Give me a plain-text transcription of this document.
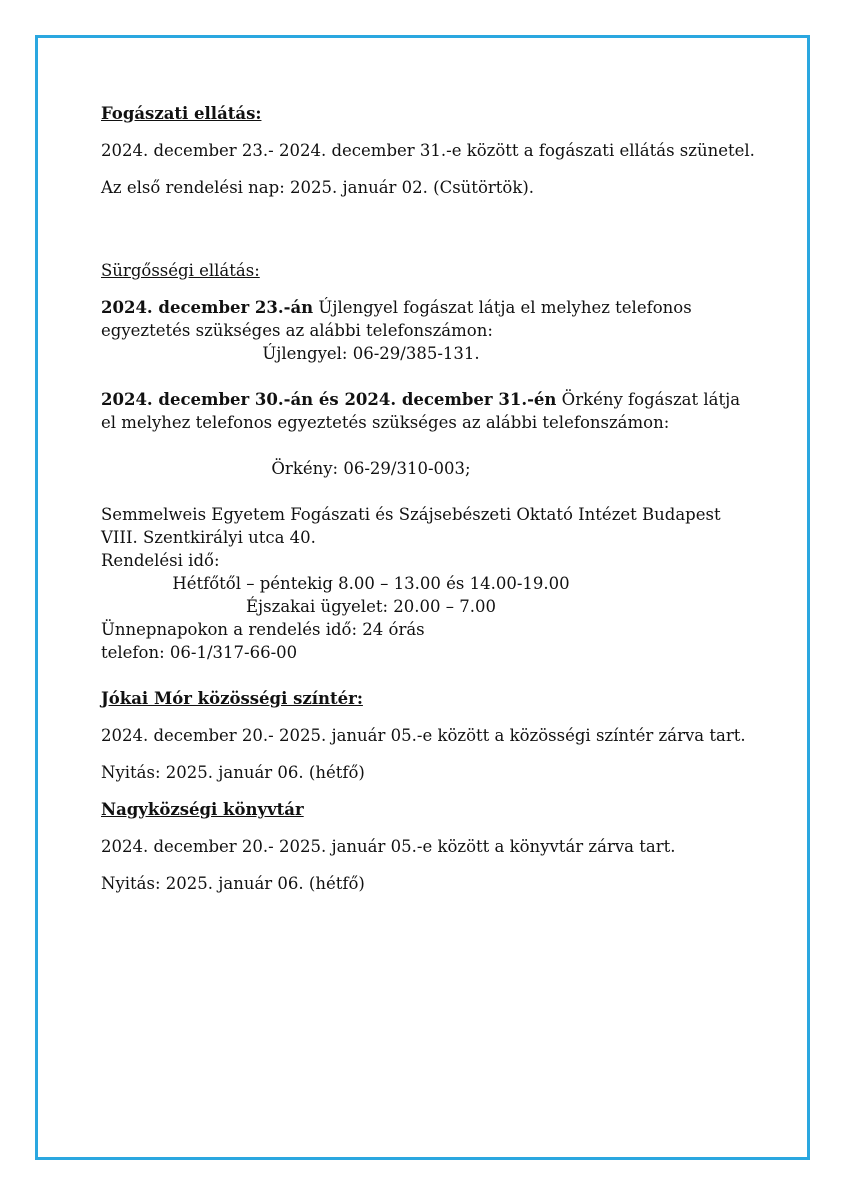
Fogászati ellátás:
2024. december 23.- 2024. december 31.-e között a fogászati ellátás szünetel.
Az első rendelési nap: 2025. január 02. (Csütörtök).
Sürgősségi ellátás:
2024. december 23.-án Újlengyel fogászat látja el melyhez telefonos
egyeztetés szükséges az alábbi telefonszámon:
Újlengyel: 06-29/385-131.
2024. december 30.-án és 2024. december 31.-én Örkény fogászat látja
el melyhez telefonos egyeztetés szükséges az alábbi telefonszámon:
Örkény: 06-29/310-003;
Semmelweis Egyetem Fogászati és Szájsebészeti Oktató Intézet Budapest
VIII. Szentkirályi utca 40.
Rendelési idő:
Hétfőtől – péntekig 8.00 – 13.00 és 14.00-19.00
Éjszakai ügyelet: 20.00 – 7.00
Ünnepnapokon a rendelés idő: 24 órás
telefon: 06-1/317-66-00
Jókai Mór közösségi színtér:
2024. december 20.- 2025. január 05.-e között a közösségi színtér zárva tart.
Nyitás: 2025. január 06. (hétfő)
Nagyközségi könyvtár
2024. december 20.- 2025. január 05.-e között a könyvtár zárva tart.
Nyitás: 2025. január 06. (hétfő)
